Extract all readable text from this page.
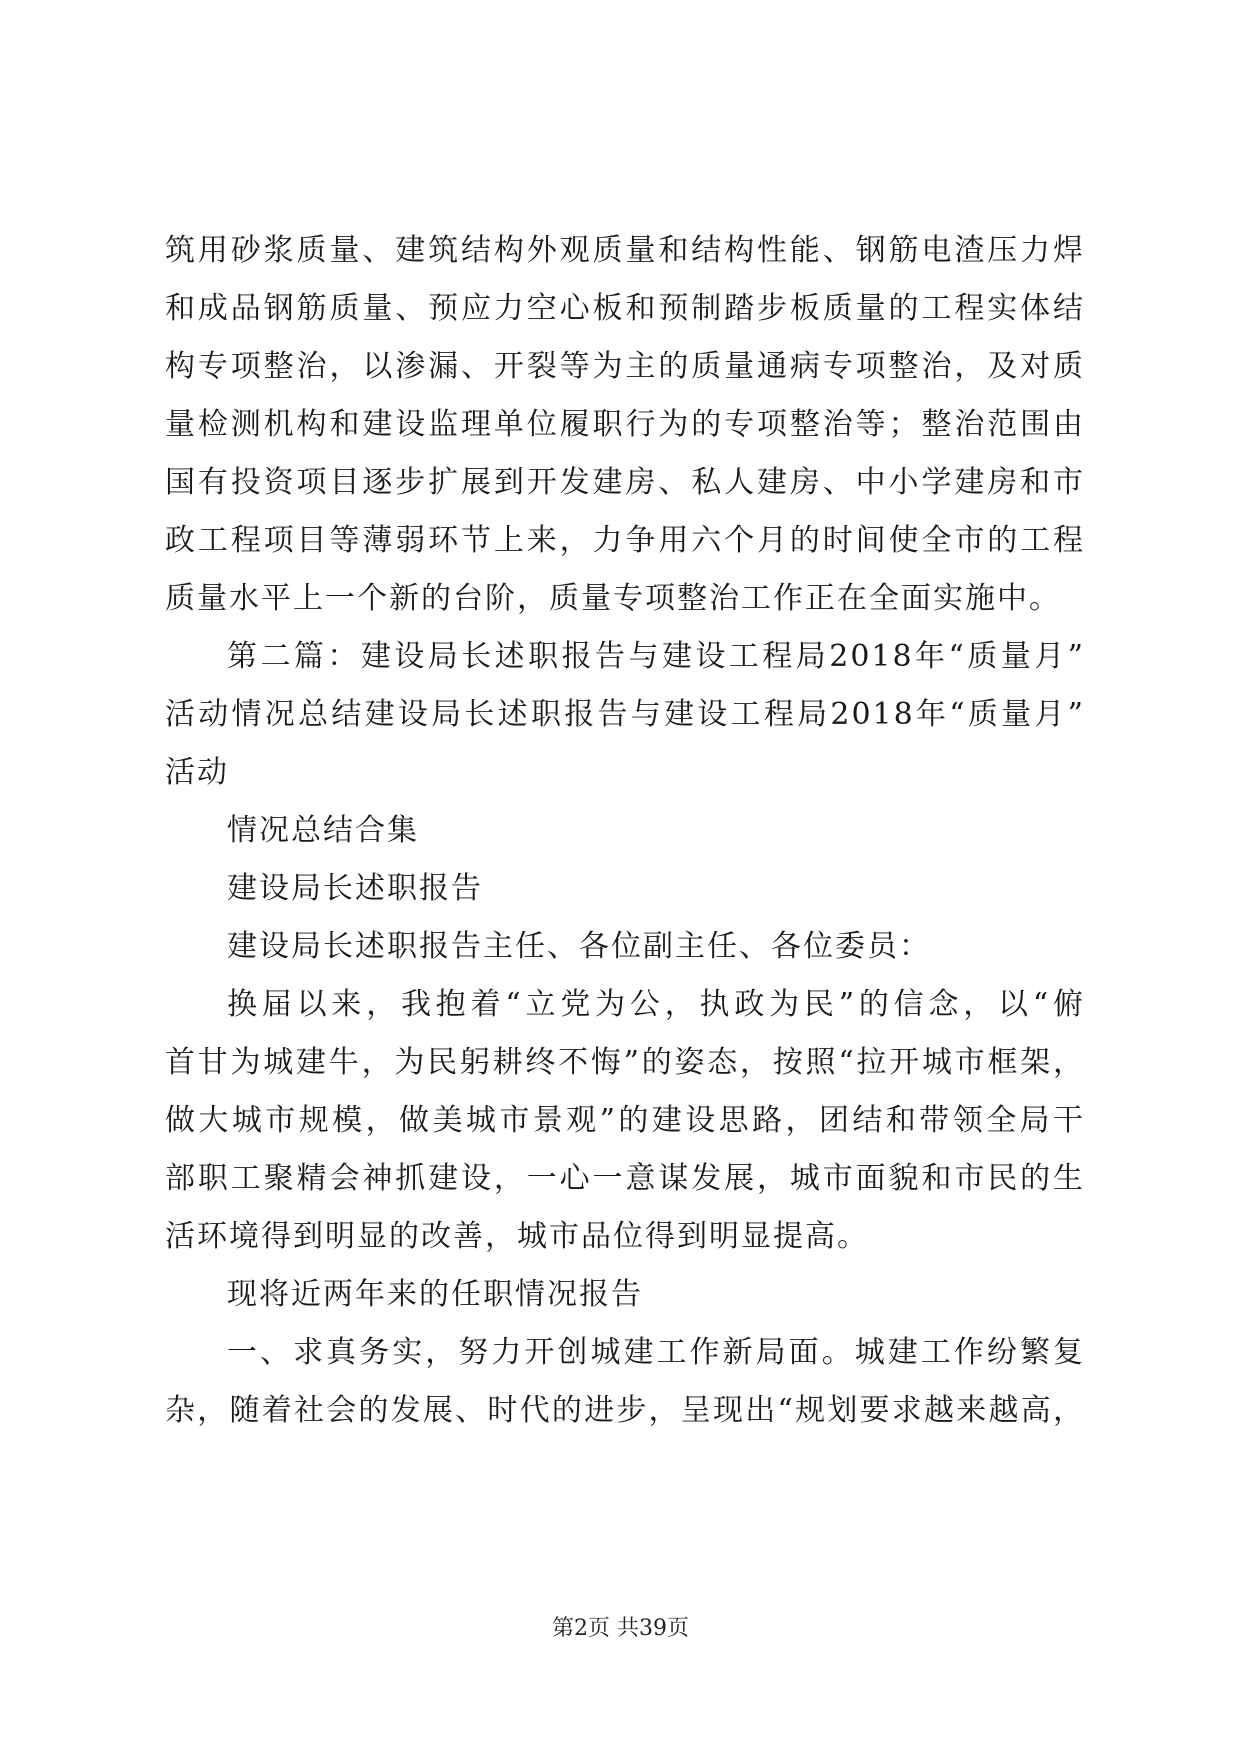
筑用砂浆质量、建筑结构外观质量和结构性能、钢筋电渣压力焊
和成品钢筋质量、预应力空心板和预制踏步板质量的工程实体结
构专项整治，以渗漏、开裂等为主的质量通病专项整治，及对质
量检测机构和建设监理单位履职行为的专项整治等；整治范围由
国有投资项目逐步扩展到开发建房、私人建房、中小学建房和市
政工程项目等薄弱环节上来，力争用六个月的时间使全市的工程
质量水平上一个新的台阶，质量专项整治工作正在全面实施中。
第二篇：建设局长述职报告与建设工程局2018年“质量月”
活动情况总结建设局长述职报告与建设工程局2018年“质量月”
活动
情况总结合集
建设局长述职报告
建设局长述职报告主任、各位副主任、各位委员：
换届以来，我抱着“立党为公，执政为民”的信念，以“俯
首甘为城建牛，为民躬耕终不悔”的姿态，按照“拉开城市框架，
做大城市规模，做美城市景观”的建设思路，团结和带领全局干
部职工聚精会神抓建设，一心一意谋发展，城市面貌和市民的生
活环境得到明显的改善，城市品位得到明显提高。
现将近两年来的任职情况报告
一、求真务实，努力开创城建工作新局面。城建工作纷繁复
杂，随着社会的发展、时代的进步，呈现出“规划要求越来越高，
第2页 共39页
